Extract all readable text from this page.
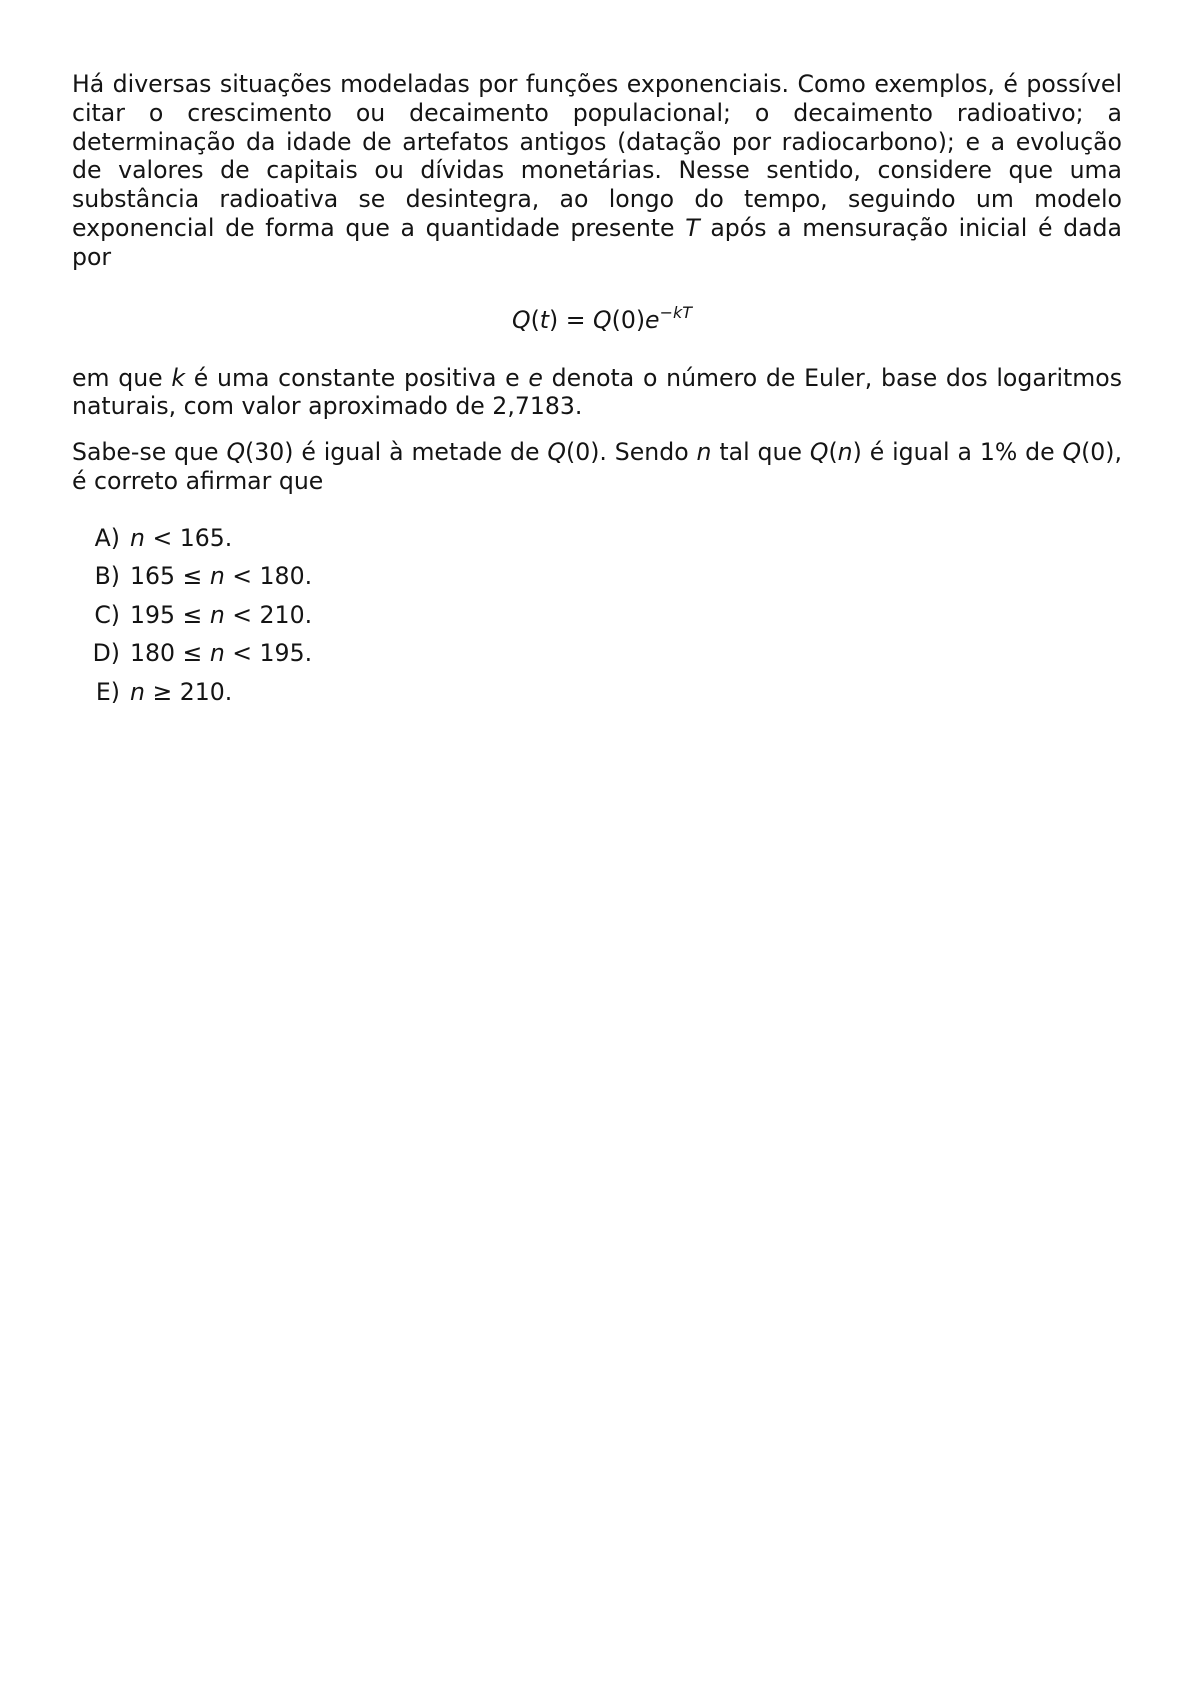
Há diversas situações modeladas por funções exponenciais. Como exemplos, é possível citar o crescimento ou decaimento populacional; o decaimento radioativo; a determinação da idade de artefatos antigos (datação por radiocarbono); e a evolução de valores de capitais ou dívidas monetárias. Nesse sentido, considere que uma substância radioativa se desintegra, ao longo do tempo, seguindo um modelo exponencial de forma que a quantidade presente T após a mensuração inicial é dada por

$Q(t) = Q(0)e^{-kT}$

em que k é uma constante positiva e e denota o número de Euler, base dos logaritmos naturais, com valor aproximado de 2,7183.

Sabe-se que Q(30) é igual à metade de Q(0). Sendo n tal que Q(n) é igual a 1% de Q(0), é correto afirmar que

A) n < 165.
B) 165 ≤ n < 180.
C) 195 ≤ n < 210.
D) 180 ≤ n < 195.
E) n ≥ 210.
